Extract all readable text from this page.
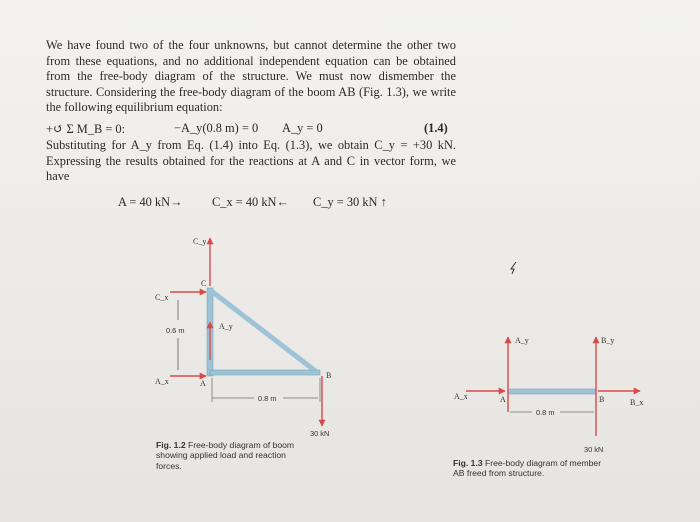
We have found two of the four unknowns, but cannot determine the other two from these equations, and no additional independent equation can be obtained from the free-body diagram of the structure. We must now dismember the structure. Considering the free-body diagram of the boom AB (Fig. 1.3), we write the following equilibrium equation:
+↺ Σ M_B = 0:	−A_y(0.8 m) = 0 A_y = 0	(1.4)
Substituting for A_y from Eq. (1.4) into Eq. (1.3), we obtain C_y = +30 kN. Expressing the results obtained for the reactions at A and C in vector form, we have
A = 40 kN→ C_x = 40 kN← C_y = 30 kN ↑
C_y
C
C_x
0.6 m	A_y
A_x	A
B
0.8 m
30 kN
A_y	B_y
A_x	A	B	B_x
0.8 m
30 kN
Fig. 1.2 Free-body diagram of boom
showing applied load and reaction
forces.	Fig. 1.3 Free-body diagram of member
AB freed from structure.
